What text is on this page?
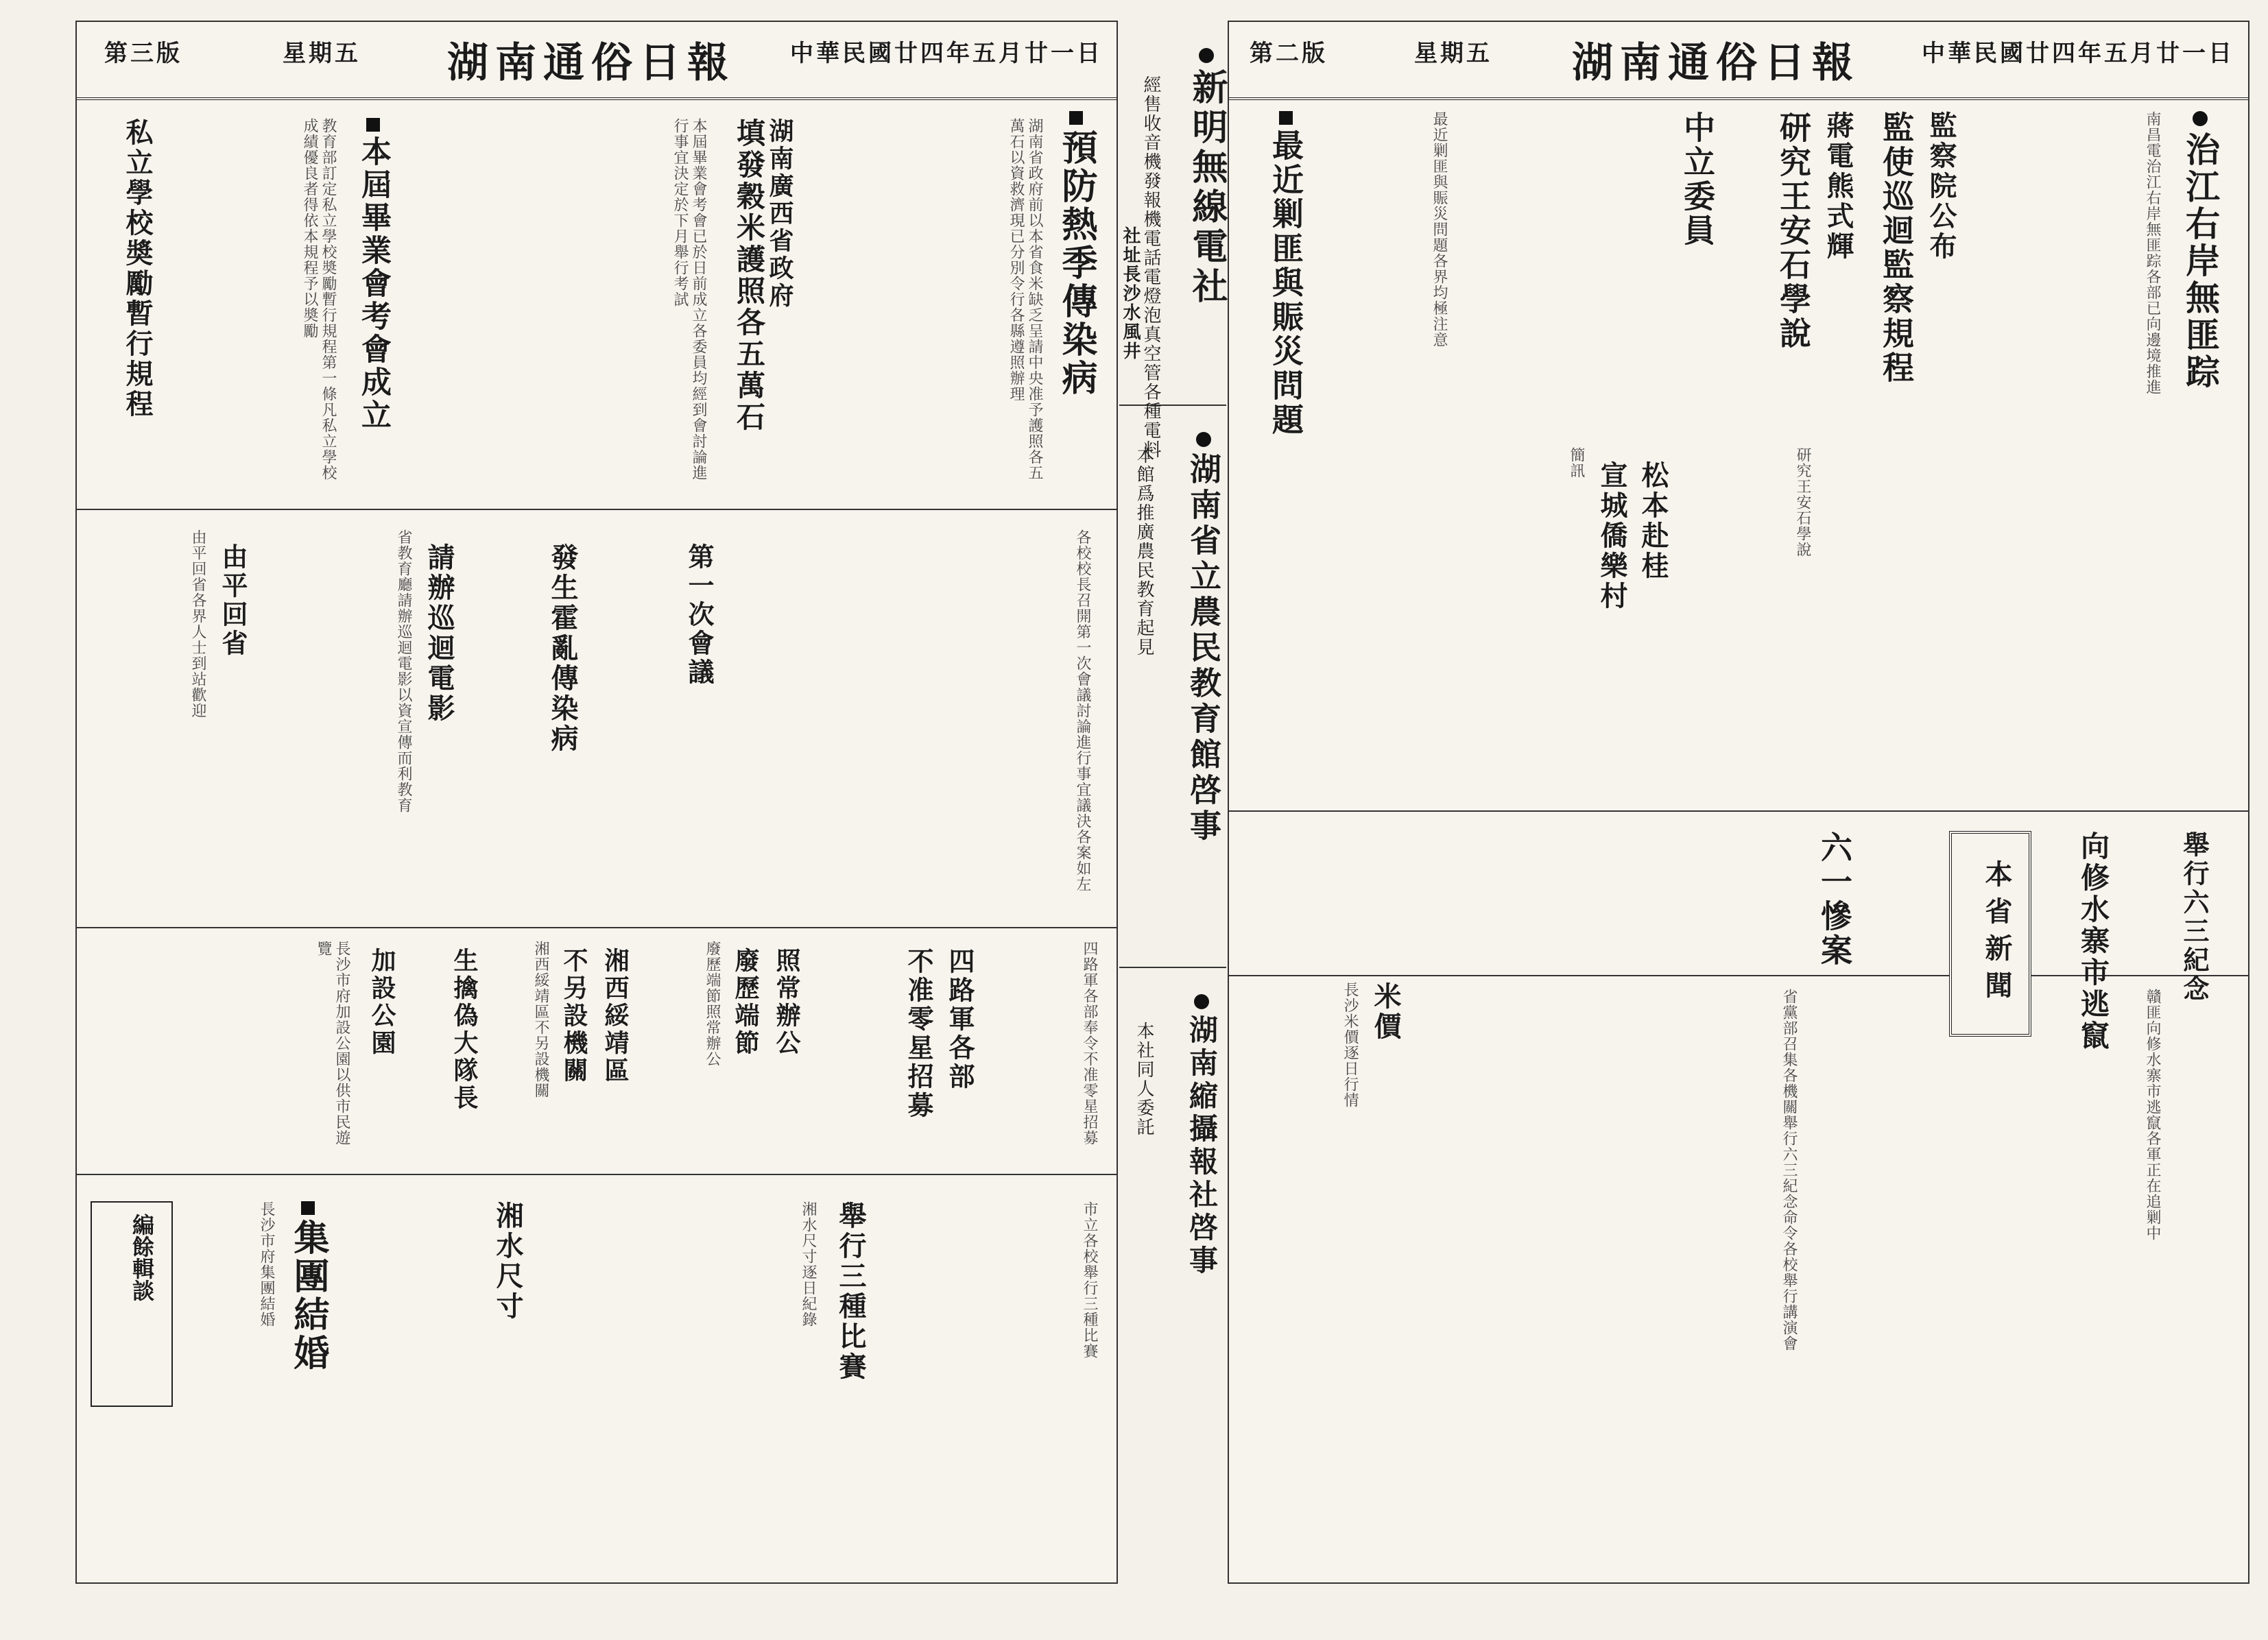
第三版	星期五 湖南通俗日報 中華民國廿四年五月廿一日
預防熱季傳染病
湖南廣西省政府
填發穀米護照各五萬石
本屆畢業會考會成立
私立學校奬勵暫行規程	湖南省政府前以本省食米缺乏呈請中央准予護照各五萬石以資救濟現已分別令行各縣遵照辦理
本屆畢業會考會已於日前成立各委員均經到會討論進行事宜決定於下月舉行考試
教育部訂定私立學校奬勵暫行規程第一條凡私立學校成績優良者得依本規程予以奬勵
第一次會議
發生霍亂傳染病
請辦巡迴電影
由平回省	各校校長召開第一次會議討論進行事宜議決各案如左
省教育廳請辦巡迴電影以資宣傳而利教育
由平回省各界人士到站歡迎
四路軍各部
不准零星招募
照常辦公
廢歷端節
湘西綏靖區
不另設機關
生擒偽大隊長
加設公園	四路軍各部奉令不准零星招募
廢歷端節照常辦公
湘西綏靖區不另設機關
長沙市府加設公園以供市民遊覽
集團結婚	湘水尺寸	舉行三種比賽
編餘輯談	長沙市府集團結婚	湘水尺寸逐日紀錄	市立各校舉行三種比賽
新明無線電社
經售收音機發報機電話電燈泡真空管各種電料
社址長沙水風井
湖南省立農民教育館啓事
本館爲推廣農民教育起見
湖南縮攝報社啓事
本社同人委託
第二版	星期五 湖南通俗日報	中華民國廿四年五月廿一日
治江右岸無匪踪
監察院公布
監使巡迴監察規程
蔣電熊式輝
研究王安石學說
中立委員
松本赴桂
宣城僑樂村
最近剿匪與賑災問題	南昌電治江右岸無匪踪各部已向邊境推進
研究王安石學說
簡訊
最近剿匪與賑災問題各界均極注意
本省新聞	舉行六三紀念
向修水寨市逃竄
六一慘案
米價
長沙米價逐日行情	省黨部召集各機關舉行六三紀念命令各校舉行講演會	贛匪向修水寨市逃竄各軍正在追剿中
